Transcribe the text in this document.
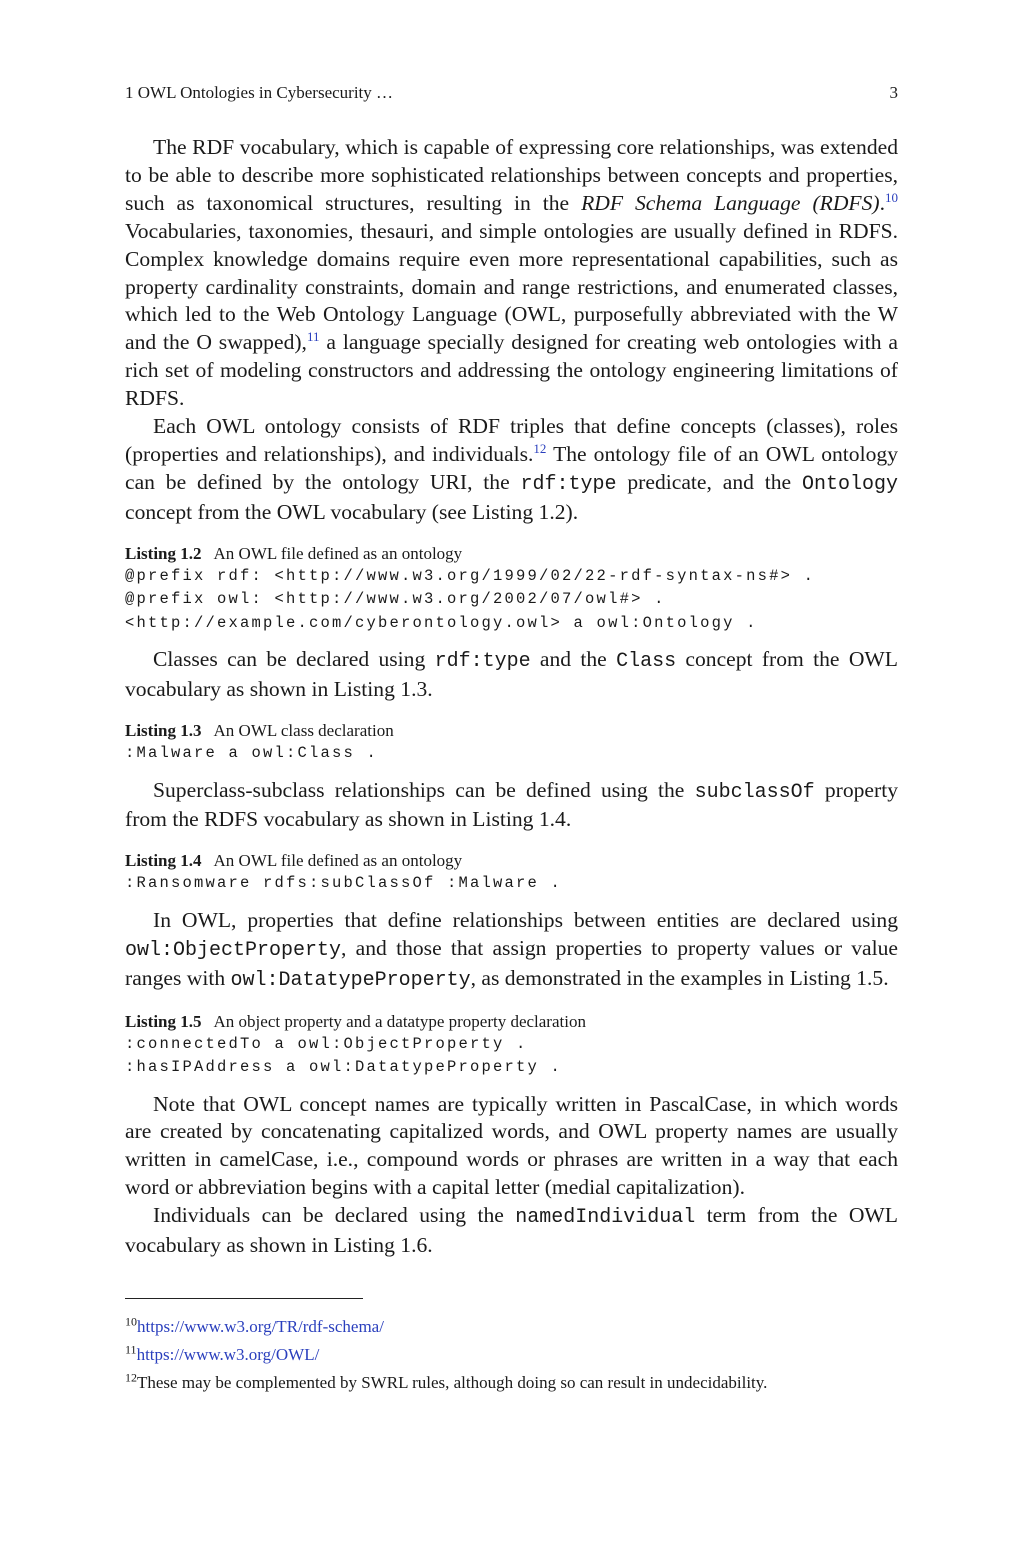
1 OWL Ontologies in Cybersecurity …	3

The RDF vocabulary, which is capable of expressing core relationships, was extended to be able to describe more sophisticated relationships between concepts and properties, such as taxonomical structures, resulting in the RDF Schema Language (RDFS).$^{10}$ Vocabularies, taxonomies, thesauri, and simple ontologies are usually defined in RDFS. Complex knowledge domains require even more representational capabilities, such as property cardinality constraints, domain and range restrictions, and enumerated classes, which led to the Web Ontology Language (OWL, purposefully abbreviated with the W and the O swapped),$^{11}$ a language specially designed for creating web ontologies with a rich set of modeling constructors and addressing the ontology engineering limitations of RDFS.

Each OWL ontology consists of RDF triples that define concepts (classes), roles (properties and relationships), and individuals.$^{12}$ The ontology file of an OWL ontology can be defined by the ontology URI, the rdf:type predicate, and the Ontology concept from the OWL vocabulary (see Listing 1.2).

Listing 1.2 An OWL file defined as an ontology
@prefix rdf: <http://www.w3.org/1999/02/22-rdf-syntax-ns#> .
@prefix owl: <http://www.w3.org/2002/07/owl#> .
<http://example.com/cyberontology.owl> a owl:Ontology .

Classes can be declared using rdf:type and the Class concept from the OWL vocabulary as shown in Listing 1.3.

Listing 1.3 An OWL class declaration
:Malware a owl:Class .

Superclass-subclass relationships can be defined using the subclassOf property from the RDFS vocabulary as shown in Listing 1.4.

Listing 1.4 An OWL file defined as an ontology
:Ransomware rdfs:subClassOf :Malware .

In OWL, properties that define relationships between entities are declared using owl:ObjectProperty, and those that assign properties to property values or value ranges with owl:DatatypeProperty, as demonstrated in the examples in Listing 1.5.

Listing 1.5 An object property and a datatype property declaration
:connectedTo a owl:ObjectProperty .
:hasIPAddress a owl:DatatypeProperty .

Note that OWL concept names are typically written in PascalCase, in which words are created by concatenating capitalized words, and OWL property names are usually written in camelCase, i.e., compound words or phrases are written in a way that each word or abbreviation begins with a capital letter (medial capitalization).

Individuals can be declared using the namedIndividual term from the OWL vocabulary as shown in Listing 1.6.

$^{10}$https://www.w3.org/TR/rdf-schema/
$^{11}$https://www.w3.org/OWL/
$^{12}$These may be complemented by SWRL rules, although doing so can result in undecidability.
